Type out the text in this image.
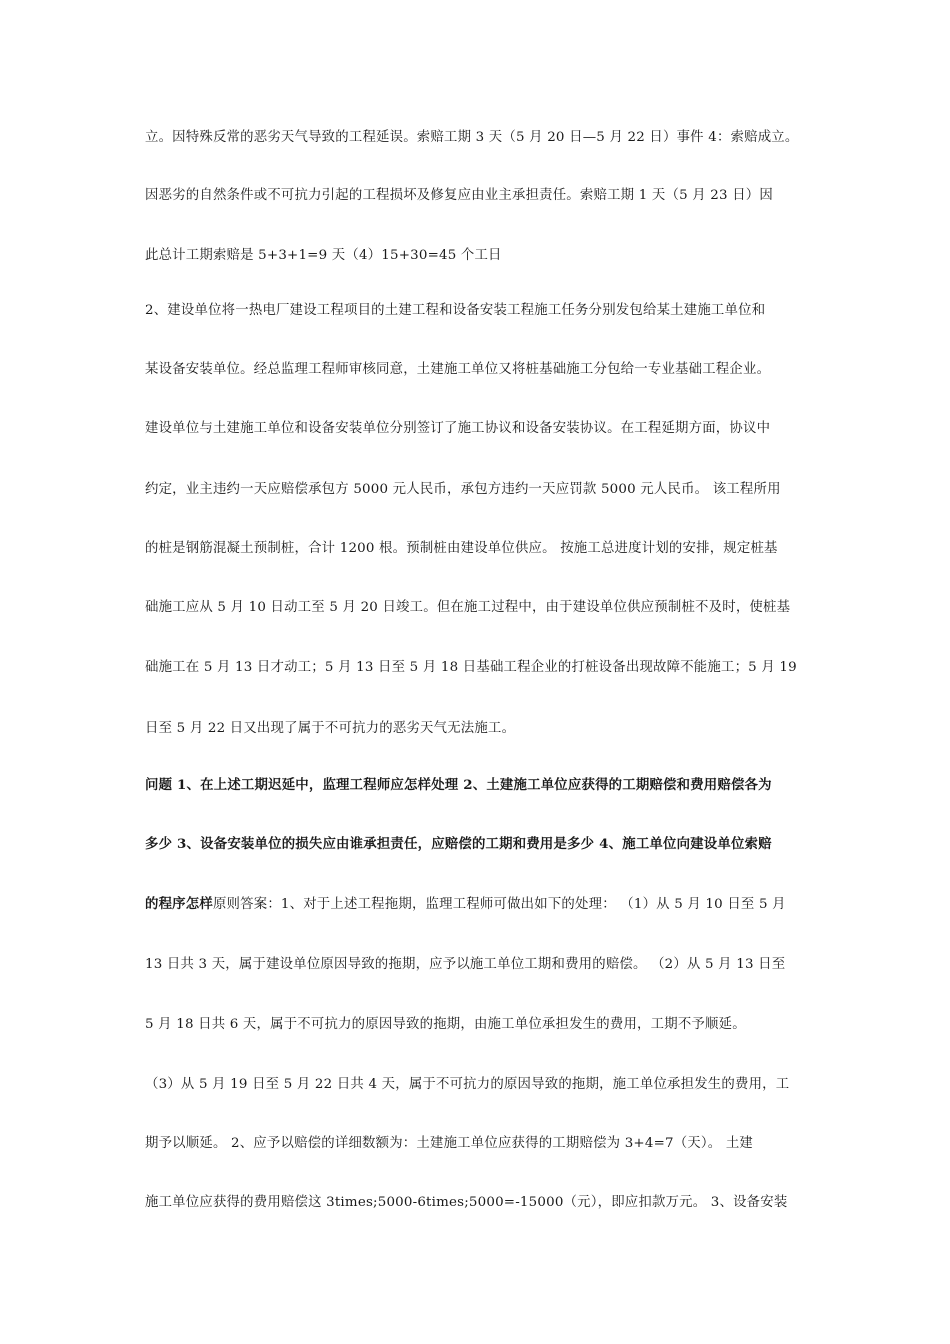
立。因特殊反常的恶劣天气导致的工程延误。索赔工期 3 天（5 月 20 日—5 月 22 日）事件 4：索赔成立。
因恶劣的自然条件或不可抗力引起的工程损坏及修复应由业主承担责任。索赔工期 1 天（5 月 23 日）因
此总计工期索赔是 5+3+1=9 天（4）15+30=45 个工日
2、建设单位将一热电厂建设工程项目的土建工程和设备安装工程施工任务分别发包给某土建施工单位和
某设备安装单位。经总监理工程师审核同意，土建施工单位又将桩基础施工分包给一专业基础工程企业。
建设单位与土建施工单位和设备安装单位分别签订了施工协议和设备安装协议。在工程延期方面，协议中
约定，业主违约一天应赔偿承包方 5000 元人民币，承包方违约一天应罚款 5000 元人民币。 该工程所用
的桩是钢筋混凝土预制桩，合计 1200 根。预制桩由建设单位供应。 按施工总进度计划的安排，规定桩基
础施工应从 5 月 10 日动工至 5 月 20 日竣工。但在施工过程中，由于建设单位供应预制桩不及时，使桩基
础施工在 5 月 13 日才动工；5 月 13 日至 5 月 18 日基础工程企业的打桩设备出现故障不能施工；5 月 19
日至 5 月 22 日又出现了属于不可抗力的恶劣天气无法施工。
问题 1、在上述工期迟延中，监理工程师应怎样处理 2、土建施工单位应获得的工期赔偿和费用赔偿各为
多少 3、设备安装单位的损失应由谁承担责任，应赔偿的工期和费用是多少 4、施工单位向建设单位索赔
的程序怎样原则答案：1、对于上述工程拖期，监理工程师可做出如下的处理： （1）从 5 月 10 日至 5 月
13 日共 3 天，属于建设单位原因导致的拖期，应予以施工单位工期和费用的赔偿。 （2）从 5 月 13 日至
5 月 18 日共 6 天，属于不可抗力的原因导致的拖期，由施工单位承担发生的费用，工期不予顺延。
（3）从 5 月 19 日至 5 月 22 日共 4 天，属于不可抗力的原因导致的拖期，施工单位承担发生的费用，工
期予以顺延。 2、应予以赔偿的详细数额为：土建施工单位应获得的工期赔偿为 3+4=7（天）。 土建
施工单位应获得的费用赔偿这 3times;5000-6times;5000=-15000（元），即应扣款万元。 3、设备安装
